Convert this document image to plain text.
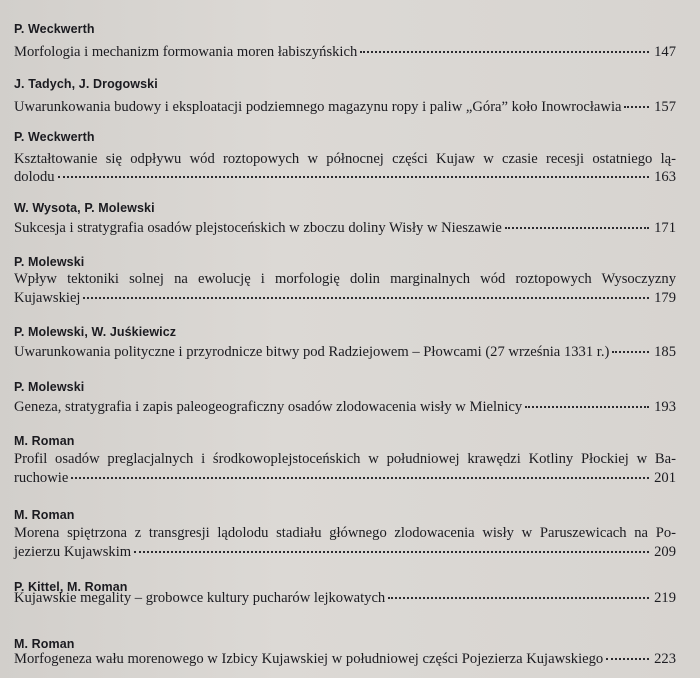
P. Weckwerth
Morfologia i mechanizm formowania moren łabiszyńskich	147
J. Tadych, J. Drogowski
Uwarunkowania budowy i eksploatacji podziemnego magazynu ropy i paliw „Góra” koło Inowrocławia 157
P. Weckwerth
Kształtowanie się odpływu wód roztopowych w północnej części Kujaw w czasie recesji ostatniego lą-
dolodu	163
W. Wysota, P. Molewski
Sukcesja i stratygrafia osadów plejstoceńskich w zboczu doliny Wisły w Nieszawie	171
P. Molewski
Wpływ tektoniki solnej na ewolucję i morfologię dolin marginalnych wód roztopowych Wysoczyzny
Kujawskiej	179
P. Molewski, W. Juśkiewicz
Uwarunkowania polityczne i przyrodnicze bitwy pod Radziejowem – Płowcami (27 września 1331 r.)	185
P. Molewski
Geneza, stratygrafia i zapis paleogeograficzny osadów zlodowacenia wisły w Mielnicy	193
M. Roman
Profil osadów preglacjalnych i środkowoplejstoceńskich w południowej krawędzi Kotliny Płockiej w Ba-
ruchowie	201
M. Roman
Morena spiętrzona z transgresji lądolodu stadiału głównego zlodowacenia wisły w Paruszewicach na Po-
jezierzu Kujawskim	209
P. Kittel, M. Roman
Kujawskie megality – grobowce kultury pucharów lejkowatych	219
M. Roman
Morfogeneza wału morenowego w Izbicy Kujawskiej w południowej części Pojezierza Kujawskiego	223
